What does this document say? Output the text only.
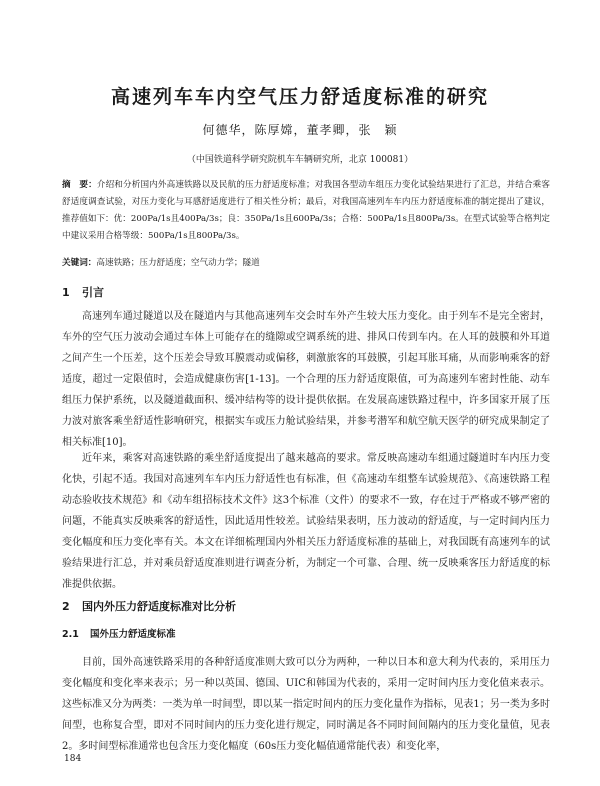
高速列车车内空气压力舒适度标准的研究
何德华，陈厚嫦，董孝卿，张　颖
（中国铁道科学研究院机车车辆研究所，北京 100081）
摘　要：介绍和分析国内外高速铁路以及民航的压力舒适度标准；对我国各型动车组压力变化试验结果进行了汇总，并结合乘客舒适度调查试验，对压力变化与耳感舒适度进行了相关性分析；最后，对我国高速列车车内压力舒适度标准的制定提出了建议，推荐值如下：优：200Pa/1s且400Pa/3s；良：350Pa/1s且600Pa/3s；合格：500Pa/1s且800Pa/3s。在型式试验等合格判定中建议采用合格等级：500Pa/1s且800Pa/3s。
关键词：高速铁路；压力舒适度；空气动力学；隧道
1 引言

高速列车通过隧道以及在隧道内与其他高速列车交会时车外产生较大压力变化。由于列车不是完全密封，车外的空气压力波动会通过车体上可能存在的缝隙或空调系统的进、排风口传到车内。在人耳的鼓膜和外耳道之间产生一个压差，这个压差会导致耳膜震动或偏移，刺激旅客的耳鼓膜，引起耳胀耳痛，从而影响乘客的舒适度，超过一定限值时，会造成健康伤害[1-13]。一个合理的压力舒适度限值，可为高速列车密封性能、动车组压力保护系统，以及隧道截面积、缓冲结构等的设计提供依据。在发展高速铁路过程中，许多国家开展了压力波对旅客乘坐舒适性影响研究，根据实车或压力舱试验结果，并参考潜军和航空航天医学的研究成果制定了相关标准[10]。

近年来，乘客对高速铁路的乘坐舒适度提出了越来越高的要求。常反映高速动车组通过隧道时车内压力变化快，引起不适。我国对高速列车车内压力舒适性也有标准，但《高速动车组整车试验规范》、《高速铁路工程动态验收技术规范》和《动车组招标技术文件》这3个标准（文件）的要求不一致，存在过于严格或不够严密的问题，不能真实反映乘客的舒适性，因此适用性较差。试验结果表明，压力波动的舒适度，与一定时间内压力变化幅度和压力变化率有关。本文在详细梳理国内外相关压力舒适度标准的基础上，对我国既有高速列车的试验结果进行汇总，并对乘员舒适度准则进行调查分析，为制定一个可靠、合理、统一反映乘客压力舒适度的标准提供依据。

2 国内外压力舒适度标准对比分析
2.1 国外压力舒适度标准

目前，国外高速铁路采用的各种舒适度准则大致可以分为两种，一种以日本和意大利为代表的，采用压力变化幅度和变化率来表示；另一种以英国、德国、UIC和韩国为代表的，采用一定时间内压力变化值来表示。这些标准又分为两类：一类为单一时间型，即以某一指定时间内的压力变化量作为指标，见表1；另一类为多时间型，也称复合型，即对不同时间内的压力变化进行规定，同时满足各不同时间间隔内的压力变化量值，见表2。多时间型标准通常也包含压力变化幅度（60s压力变化幅值通常能代表）和变化率，

184
